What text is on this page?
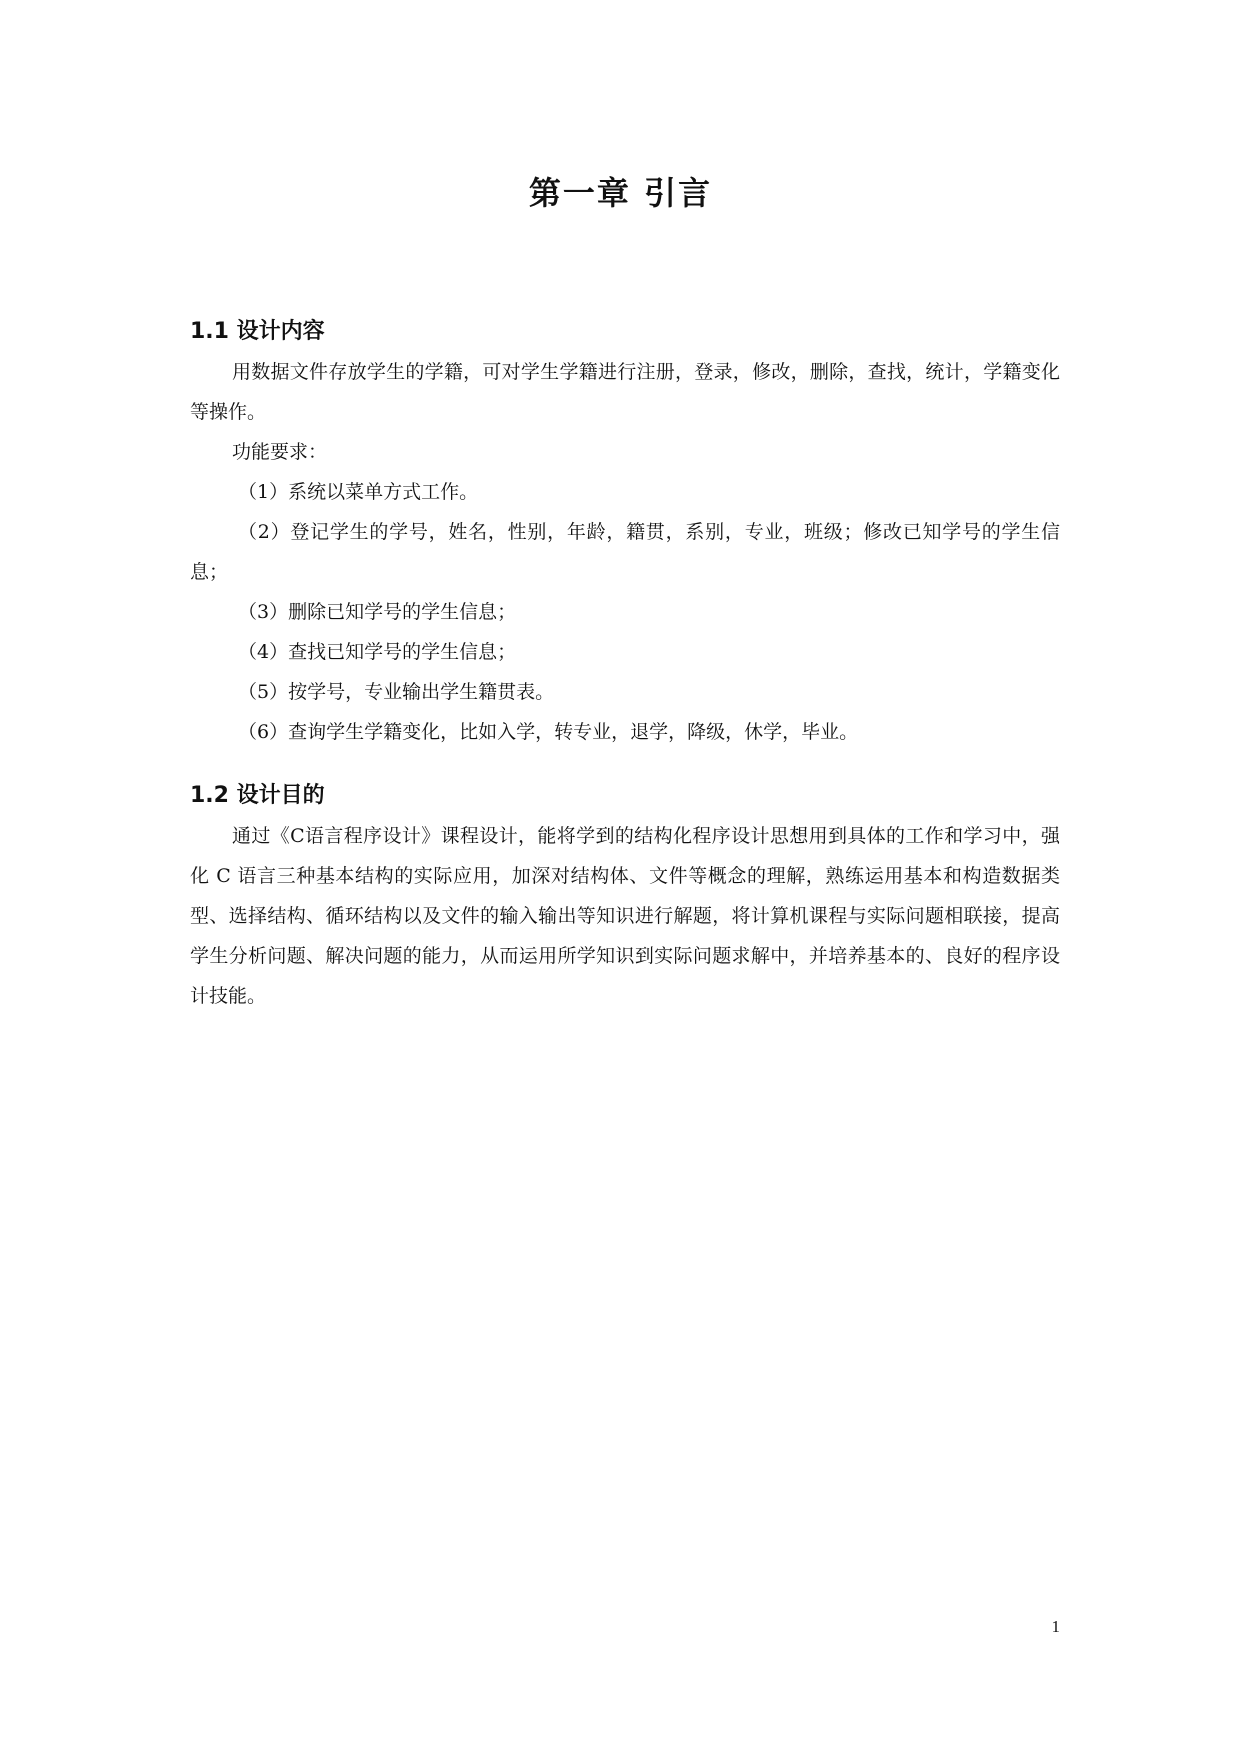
第一章 引言
1.1 设计内容

用数据文件存放学生的学籍，可对学生学籍进行注册，登录，修改，删除，查找，统计，学籍变化等操作。

功能要求：

（1）系统以菜单方式工作。

（2）登记学生的学号，姓名，性别，年龄，籍贯，系别，专业，班级；修改已知学号的学生信息；

（3）删除已知学号的学生信息；

（4）查找已知学号的学生信息；

（5）按学号，专业输出学生籍贯表。

（6）查询学生学籍变化，比如入学，转专业，退学，降级，休学，毕业。

1.2 设计目的

通过《C语言程序设计》课程设计，能将学到的结构化程序设计思想用到具体的工作和学习中，强化 C 语言三种基本结构的实际应用，加深对结构体、文件等概念的理解，熟练运用基本和构造数据类型、选择结构、循环结构以及文件的输入输出等知识进行解题，将计算机课程与实际问题相联接，提高学生分析问题、解决问题的能力，从而运用所学知识到实际问题求解中，并培养基本的、良好的程序设计技能。

1
